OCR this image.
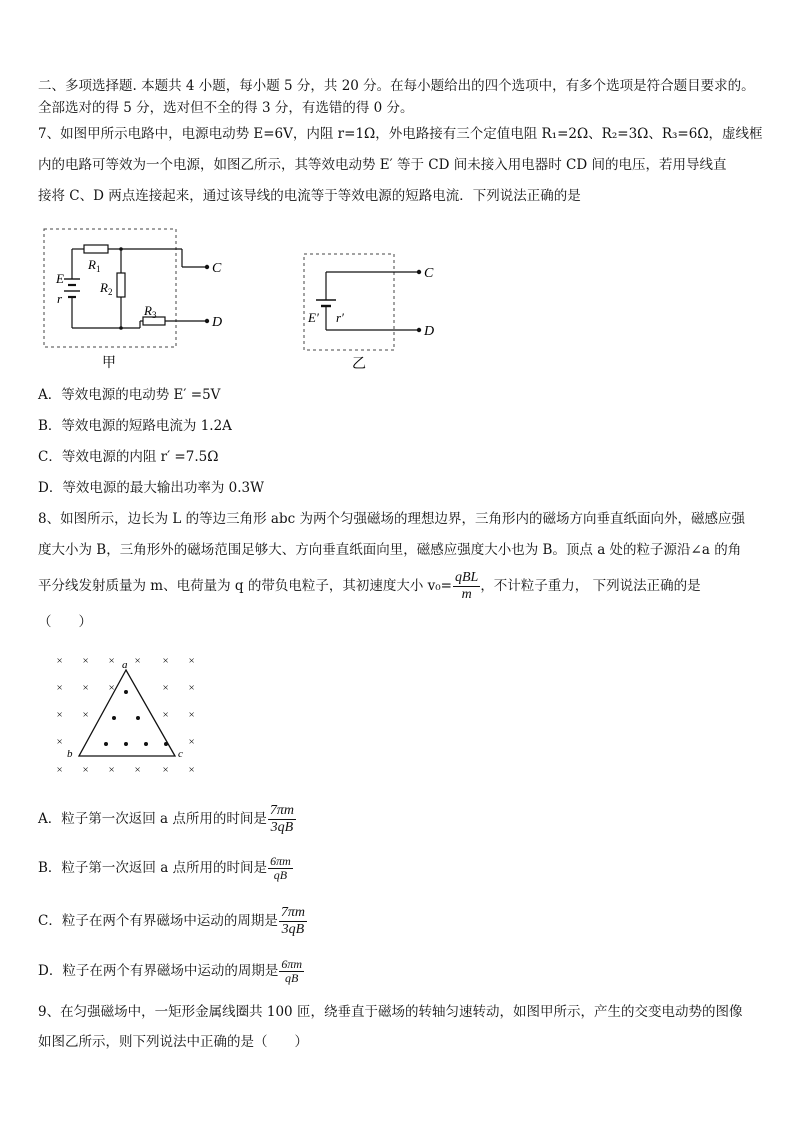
二、多项选择题. 本题共 4 小题，每小题 5 分，共 20 分。在每小题给出的四个选项中，有多个选项是符合题目要求的。
全部选对的得 5 分，选对但不全的得 3 分，有选错的得 0 分。
7、如图甲所示电路中，电源电动势 E=6V，内阻 r=1Ω，外电路接有三个定值电阻 R₁=2Ω、R₂=3Ω、R₃=6Ω，虚线框
内的电路可等效为一个电源，如图乙所示，其等效电动势 E′ 等于 CD 间未接入用电器时 CD 间的电压，若用导线直
接将 C、D 两点连接起来，通过该导线的电流等于等效电源的短路电流．下列说法正确的是
E
r
$R_1$
$R_2$
$R_3$
C
D
甲
E′ r′
C
D
乙
A．等效电源的电动势 E′ =5V
B．等效电源的短路电流为 1.2A
C．等效电源的内阻 r′ =7.5Ω
D．等效电源的最大输出功率为 0.3W
8、如图所示，边长为 L 的等边三角形 abc 为两个匀强磁场的理想边界，三角形内的磁场方向垂直纸面向外，磁感应强
度大小为 B，三角形外的磁场范围足够大、方向垂直纸面向里，磁感应强度大小也为 B。顶点 a 处的粒子源沿∠a 的角
平分线发射质量为 m、电荷量为 q 的带负电粒子，其初速度大小 $v_0= \frac{\text{qBL}}{m}$ ，不计粒子重力， 下列说法正确的是
（　　）
× × × × × ×
× × ×	× ×
× ×	× ×
×	×
× × × × × ×
a
b	c
A．粒子第一次返回 a 点所用的时间是 $\frac{7\pi m}{3qB}$
B．粒子第一次返回 a 点所用的时间是 $\frac{6\pi m}{qB}$
C．粒子在两个有界磁场中运动的周期是 $\frac{7\pi m}{3qB}$
D．粒子在两个有界磁场中运动的周期是 $\frac{6\pi m}{qB}$
9、在匀强磁场中，一矩形金属线圈共 100 匝，绕垂直于磁场的转轴匀速转动，如图甲所示，产生的交变电动势的图像
如图乙所示，则下列说法中正确的是（　　）
